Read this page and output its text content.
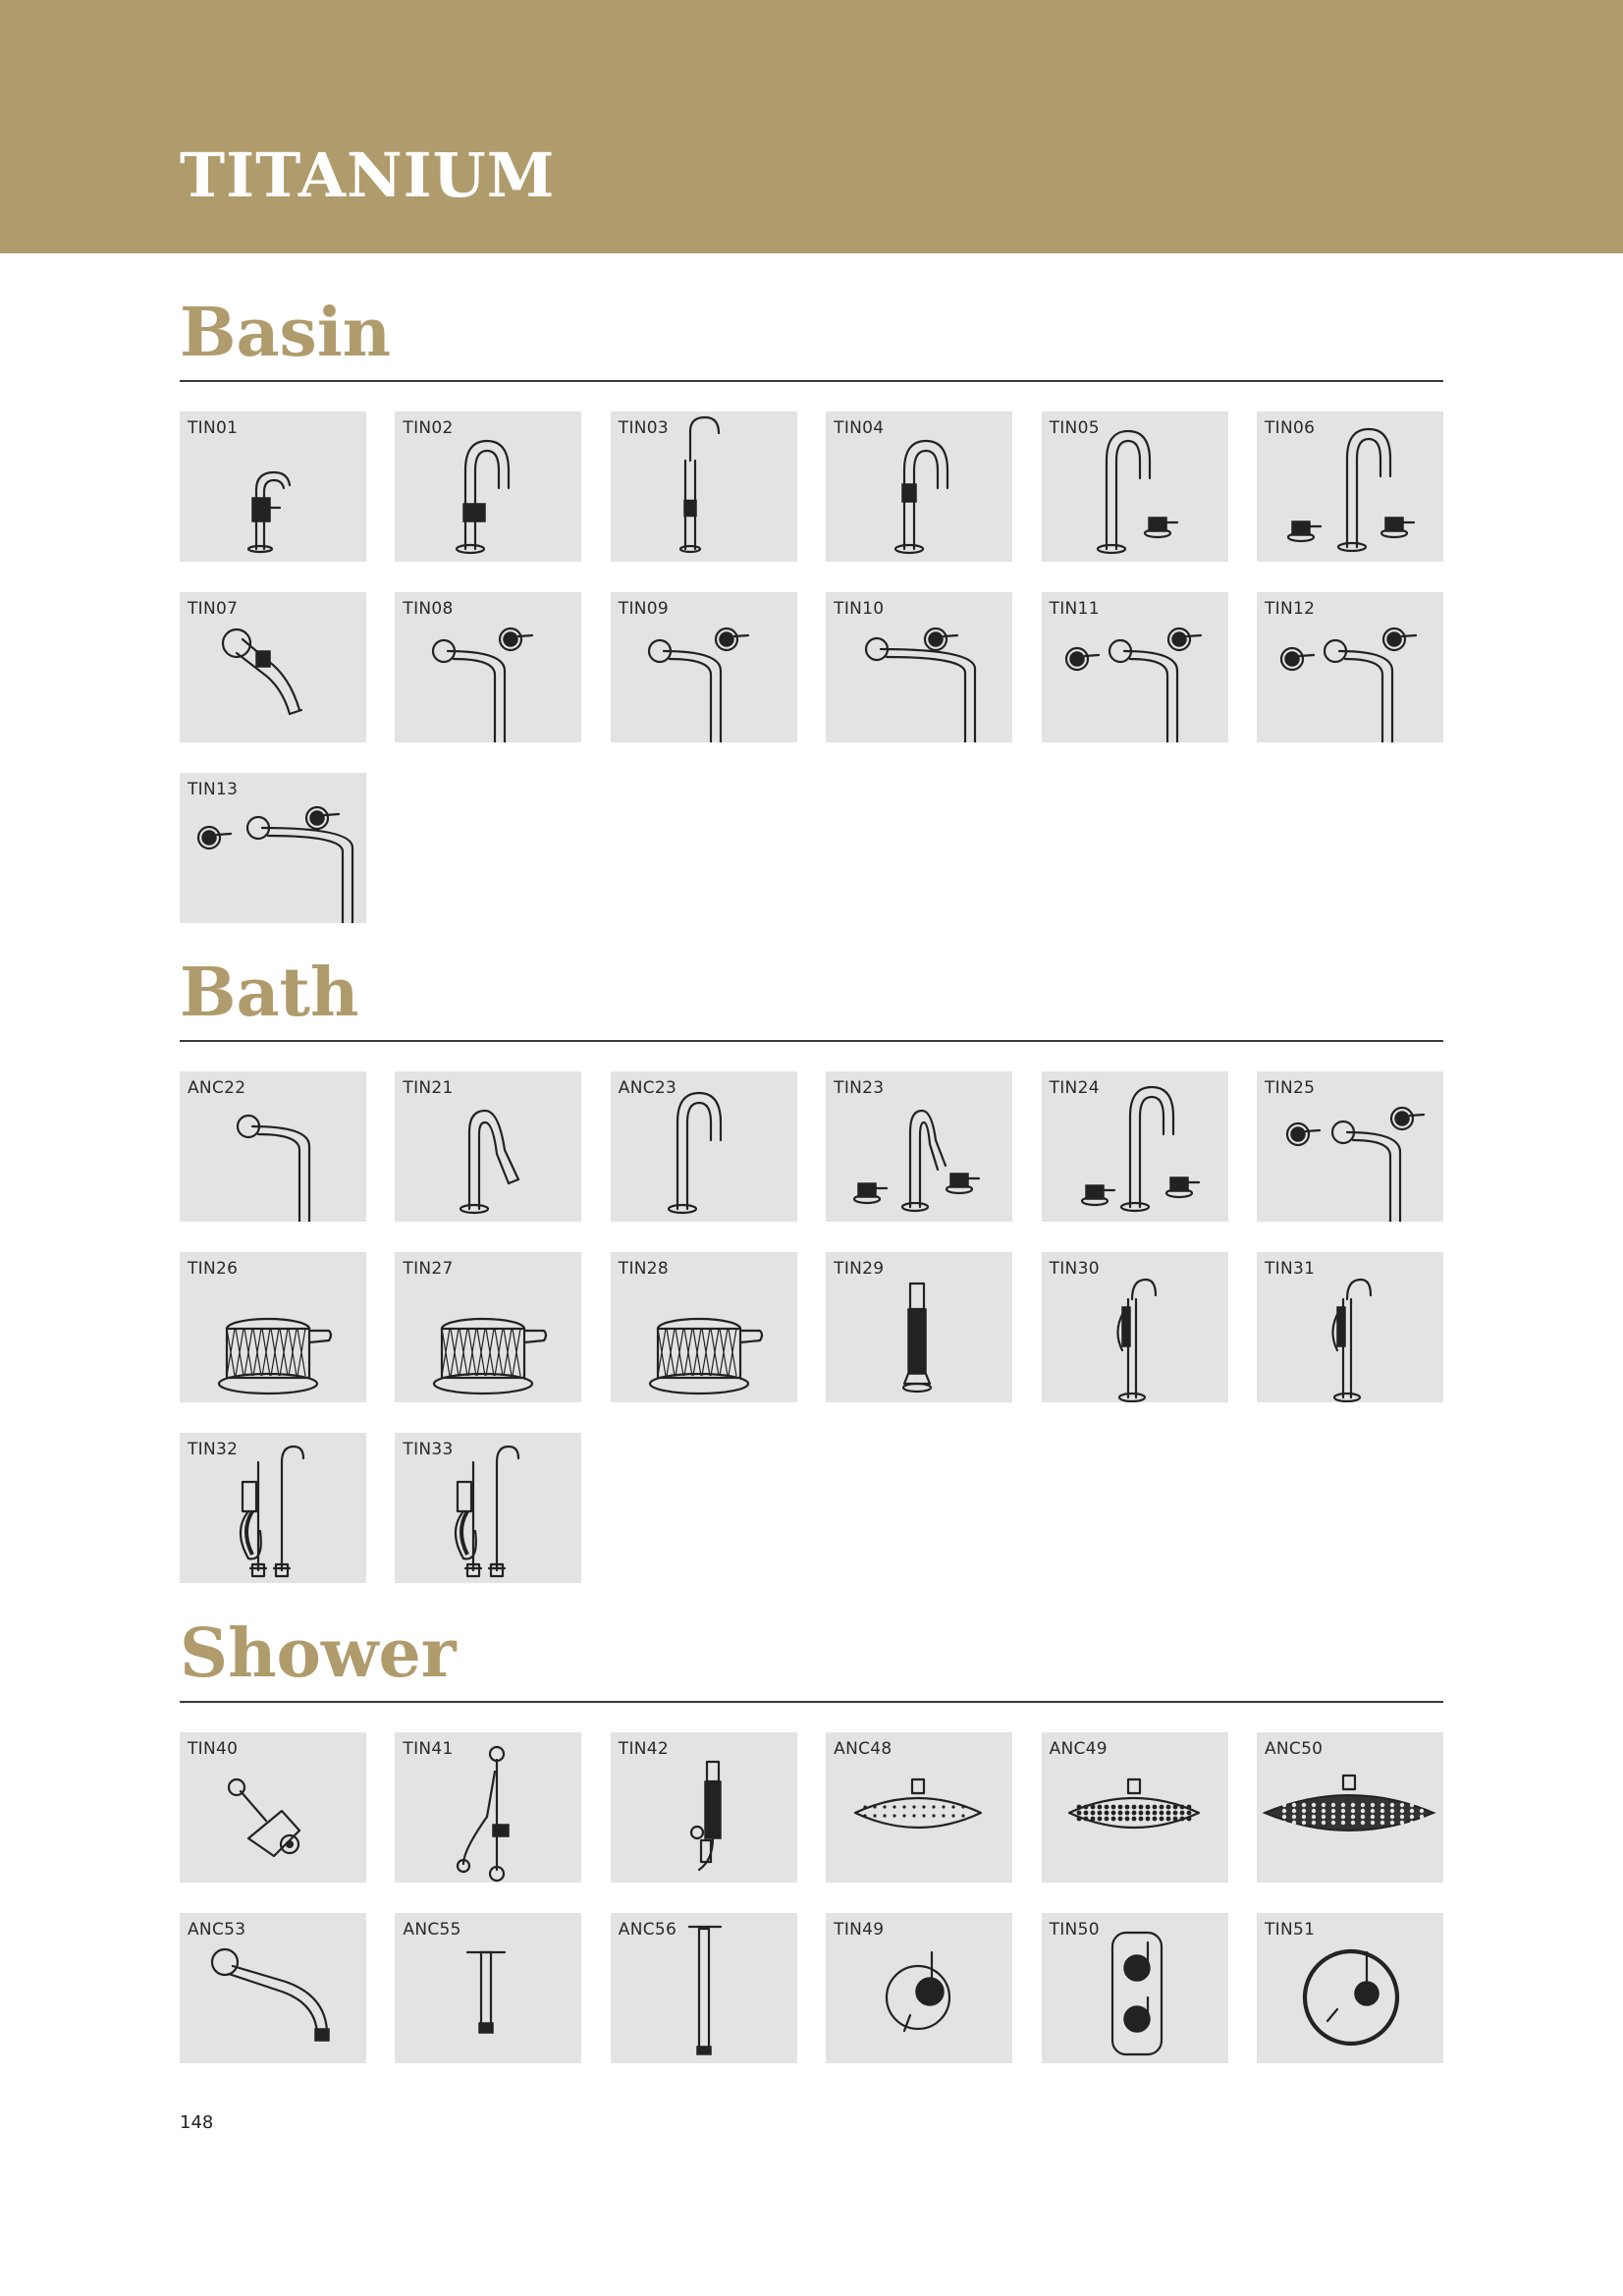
TITANIUM
Basin
TIN01	TIN02	TIN03	TIN04	TIN05	TIN06
TIN07	TIN08	TIN09	TIN10	TIN11	TIN12
TIN13
Bath
ANC22	TIN21	ANC23	TIN23	TIN24	TIN25
TIN26	TIN27	TIN28	TIN29	TIN30	TIN31
TIN32	TIN33
Shower
TIN40	TIN41	TIN42	ANC48	ANC49	ANC50
ANC53	ANC55	ANC56	TIN49	TIN50	TIN51
148
